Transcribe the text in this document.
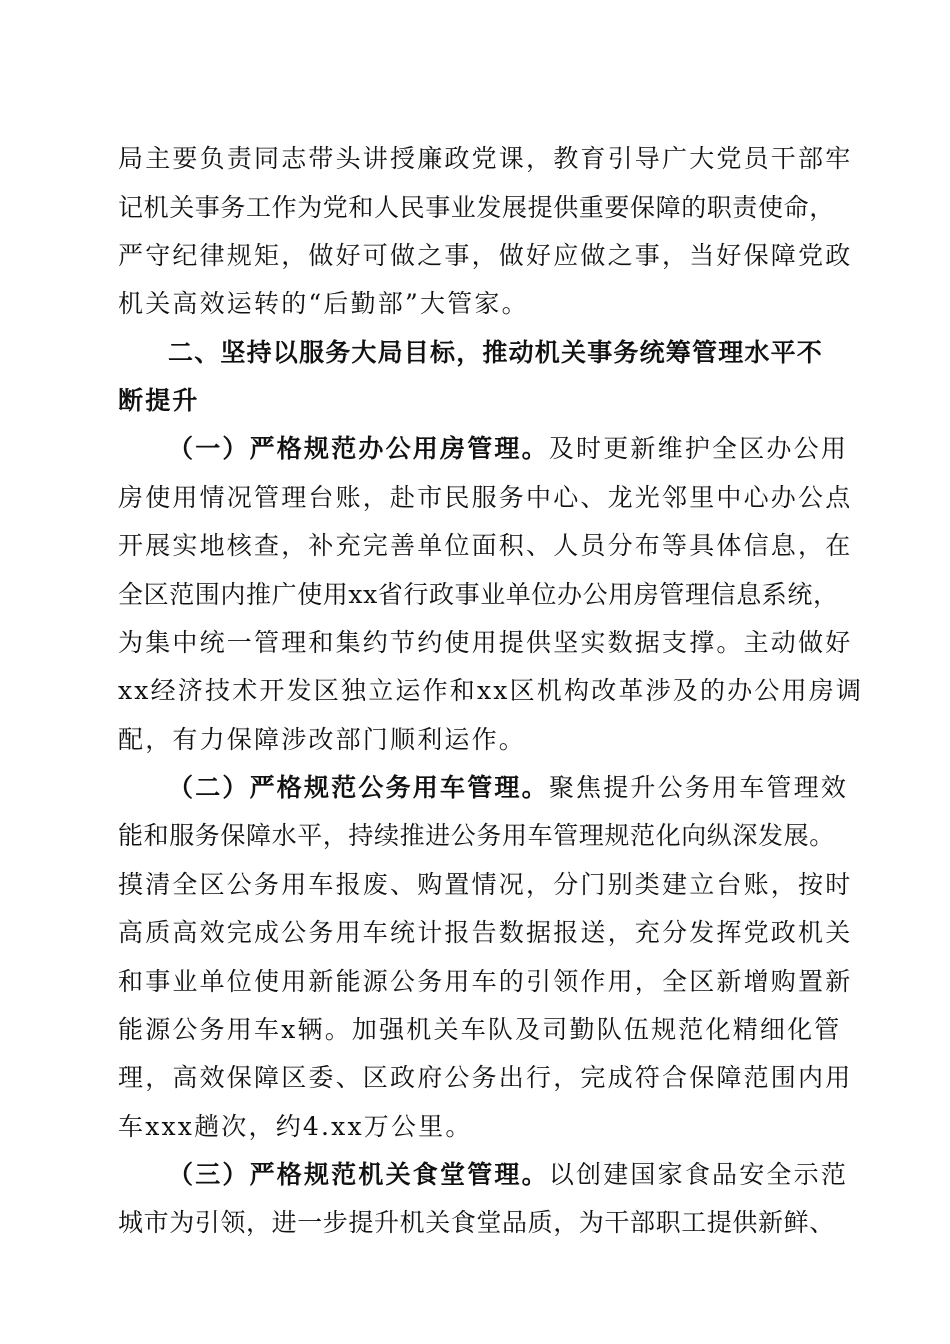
局主要负责同志带头讲授廉政党课，教育引导广大党员干部牢
记机关事务工作为党和人民事业发展提供重要保障的职责使命，
严守纪律规矩，做好可做之事，做好应做之事，当好保障党政
机关高效运转的“后勤部”大管家。
二、坚持以服务大局目标，推动机关事务统筹管理水平不
断提升
（一）严格规范办公用房管理。及时更新维护全区办公用
房使用情况管理台账，赴市民服务中心、龙光邻里中心办公点
开展实地核查，补充完善单位面积、人员分布等具体信息，在
全区范围内推广使用xx省行政事业单位办公用房管理信息系统，
为集中统一管理和集约节约使用提供坚实数据支撑。主动做好
xx经济技术开发区独立运作和xx区机构改革涉及的办公用房调
配，有力保障涉改部门顺利运作。
（二）严格规范公务用车管理。聚焦提升公务用车管理效
能和服务保障水平，持续推进公务用车管理规范化向纵深发展。
摸清全区公务用车报废、购置情况，分门别类建立台账，按时
高质高效完成公务用车统计报告数据报送，充分发挥党政机关
和事业单位使用新能源公务用车的引领作用，全区新增购置新
能源公务用车x辆。加强机关车队及司勤队伍规范化精细化管
理，高效保障区委、区政府公务出行，完成符合保障范围内用
车xxx趟次，约4.xx万公里。
（三）严格规范机关食堂管理。以创建国家食品安全示范
城市为引领，进一步提升机关食堂品质，为干部职工提供新鲜、
